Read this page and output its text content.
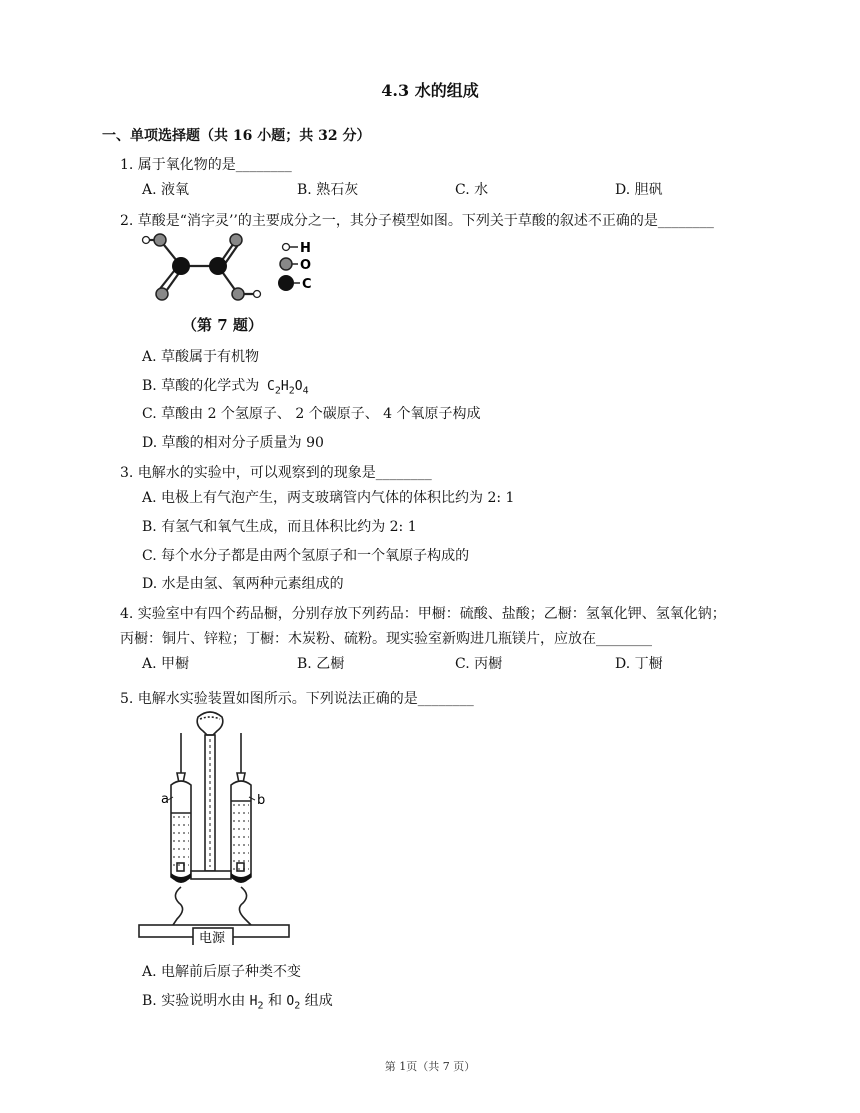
4.3 水的组成
一、单项选择题（共 16 小题；共 32 分）
1. 属于氧化物的是________
A. 液氧	B. 熟石灰	C. 水	D. 胆矾
2. 草酸是“消字灵’’的主要成分之一，其分子模型如图。下列关于草酸的叙述不正确的是________
H
O
C
（第 7 题）
A. 草酸属于有机物
B. 草酸的化学式为 $C_2H_2O_4$
C. 草酸由 2 个氢原子、 2 个碳原子、 4 个氧原子构成
D. 草酸的相对分子质量为 90
3. 电解水的实验中，可以观察到的现象是________
A. 电极上有气泡产生，两支玻璃管内气体的体积比约为 2: 1
B. 有氢气和氧气生成，而且体积比约为 2: 1
C. 每个水分子都是由两个氢原子和一个氧原子构成的
D. 水是由氢、氧两种元素组成的
4. 实验室中有四个药品橱，分别存放下列药品：甲橱：硫酸、盐酸；乙橱：氢氧化钾、氢氧化钠；
丙橱：铜片、锌粒；丁橱：木炭粉、硫粉。现实验室新购进几瓶镁片，应放在________
A. 甲橱	B. 乙橱	C. 丙橱	D. 丁橱
5. 电解水实验装置如图所示。下列说法正确的是________
a	b
电源
A. 电解前后原子种类不变
B. 实验说明水由 $H_2$ 和 $O_2$ 组成
第 1页（共 7 页）
